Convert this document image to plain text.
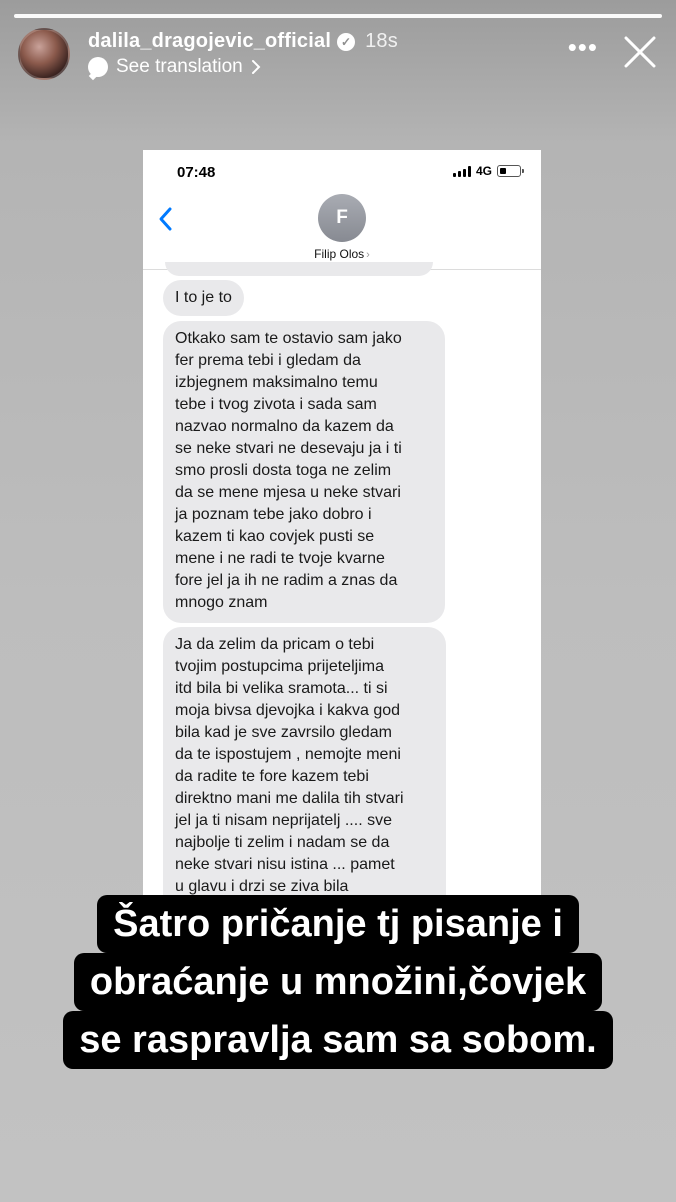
dalila_dragojevic_official ✓ 18s
See translation
•••
07:48	4G
F
Filip Olos ›
I to je to
Otkako sam te ostavio sam jako
fer prema tebi i gledam da
izbjegnem maksimalno temu
tebe i tvog zivota i sada sam
nazvao normalno da kazem da
se neke stvari ne desevaju ja i ti
smo prosli dosta toga ne zelim
da se mene mjesa u neke stvari
ja poznam tebe jako dobro i
kazem ti kao covjek pusti se
mene i ne radi te tvoje kvarne
fore jel ja ih ne radim a znas da
mnogo znam
Ja da zelim da pricam o tebi
tvojim postupcima prijeteljima
itd bila bi velika sramota... ti si
moja bivsa djevojka i kakva god
bila kad je sve zavrsilo gledam
da te ispostujem , nemojte meni
da radite te fore kazem tebi
direktno mani me dalila tih stvari
jel ja ti nisam neprijatelj .... sve
najbolje ti zelim i nadam se da
neke stvari nisu istina ... pamet
u glavu i drzi se ziva bila
Šatro pričanje tj pisanje i
obraćanje u množini,čovjek
se raspravlja sam sa sobom.
